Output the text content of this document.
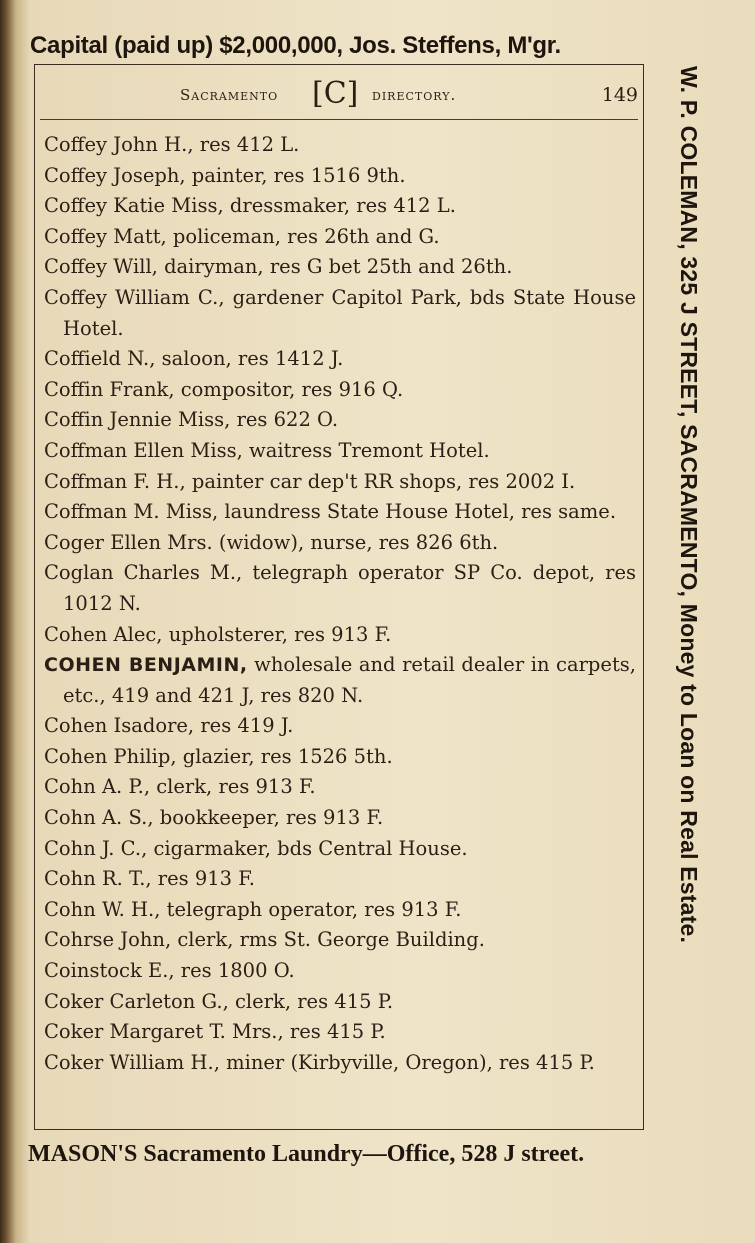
Capital (paid up) $2,000,000, Jos. Steffens, M'gr.
W. P. COLEMAN, 325 J STREET, SACRAMENTO, Money to Loan on Real Estate.
Sacramento [C] directory.	149
Coffey John H., res 412 L.
Coffey Joseph, painter, res 1516 9th.
Coffey Katie Miss, dressmaker, res 412 L.
Coffey Matt, policeman, res 26th and G.
Coffey Will, dairyman, res G bet 25th and 26th.
Coffey William C., gardener Capitol Park, bds State House Hotel.
Coffield N., saloon, res 1412 J.
Coffin Frank, compositor, res 916 Q.
Coffin Jennie Miss, res 622 O.
Coffman Ellen Miss, waitress Tremont Hotel.
Coffman F. H., painter car dep't RR shops, res 2002 I.
Coffman M. Miss, laundress State House Hotel, res same.
Coger Ellen Mrs. (widow), nurse, res 826 6th.
Coglan Charles M., telegraph operator SP Co. depot, res 1012 N.
Cohen Alec, upholsterer, res 913 F.
COHEN BENJAMIN, wholesale and retail dealer in carpets, etc., 419 and 421 J, res 820 N.
Cohen Isadore, res 419 J.
Cohen Philip, glazier, res 1526 5th.
Cohn A. P., clerk, res 913 F.
Cohn A. S., bookkeeper, res 913 F.
Cohn J. C., cigarmaker, bds Central House.
Cohn R. T., res 913 F.
Cohn W. H., telegraph operator, res 913 F.
Cohrse John, clerk, rms St. George Building.
Coinstock E., res 1800 O.
Coker Carleton G., clerk, res 415 P.
Coker Margaret T. Mrs., res 415 P.
Coker William H., miner (Kirbyville, Oregon), res 415 P.
MASON'S Sacramento Laundry—Office, 528 J street.
